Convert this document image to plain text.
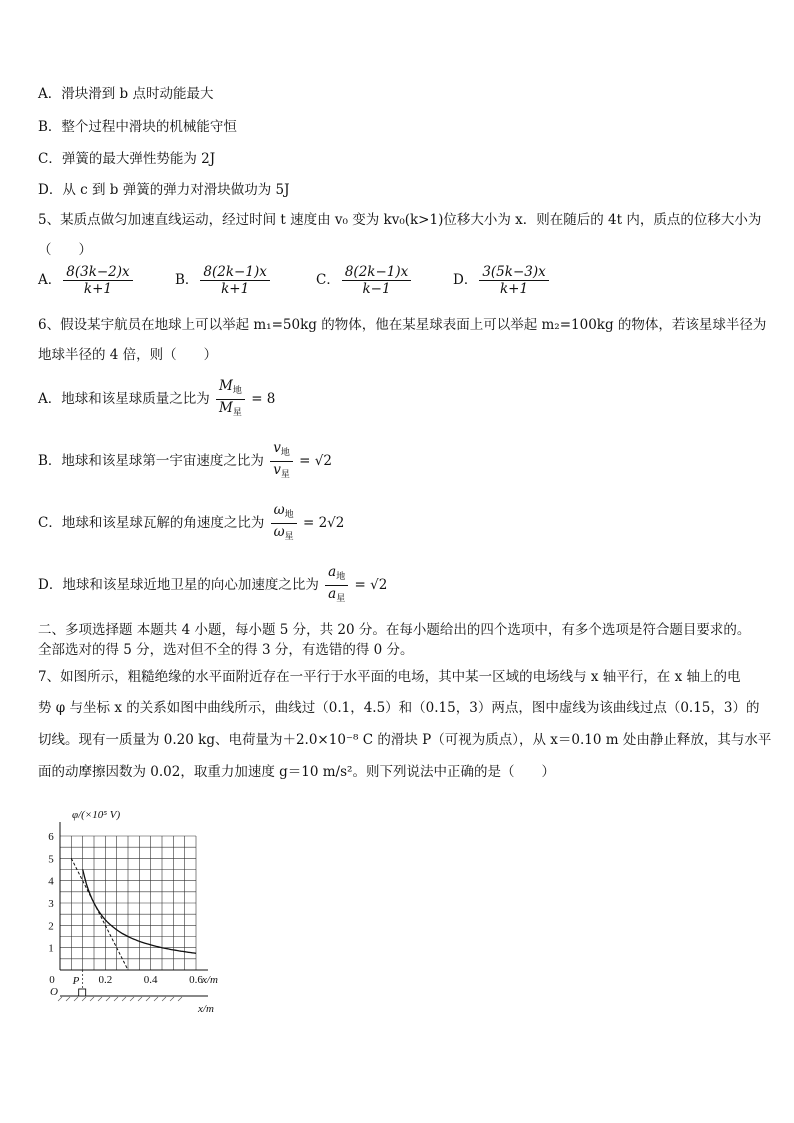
A．滑块滑到 b 点时动能最大
B．整个过程中滑块的机械能守恒
C．弹簧的最大弹性势能为 2J
D．从 c 到 b 弹簧的弹力对滑块做功为 5J
5、某质点做匀加速直线运动，经过时间 t 速度由 v₀ 变为 kv₀(k>1)位移大小为 x．则在随后的 4t 内，质点的位移大小为
（　　）
A． $\frac{8(3k-2)x}{k+1}$	B． $\frac{8(2k-1)x}{k+1}$	C． $\frac{8(2k-1)x}{k-1}$	D． $\frac{3(5k-3)x}{k+1}$
6、假设某宇航员在地球上可以举起 m₁=50kg 的物体，他在某星球表面上可以举起 m₂=100kg 的物体，若该星球半径为
地球半径的 4 倍，则（　　）
A．地球和该星球质量之比为 $\frac{M_地}{M_星} = 8$
B．地球和该星球第一宇宙速度之比为 $\frac{v_地}{v_星} = √2$
C．地球和该星球瓦解的角速度之比为 $\frac{\omega_地}{\omega_星} = 2√2$
D．地球和该星球近地卫星的向心加速度之比为 $\frac{a_地}{a_星} = √2$
二、多项选择题 本题共 4 小题，每小题 5 分，共 20 分。在每小题给出的四个选项中，有多个选项是符合题目要求的。
全部选对的得 5 分，选对但不全的得 3 分，有选错的得 0 分。
7、如图所示，粗糙绝缘的水平面附近存在一平行于水平面的电场，其中某一区域的电场线与 x 轴平行，在 x 轴上的电
势 φ 与坐标 x 的关系如图中曲线所示，曲线过（0.1，4.5）和（0.15，3）两点，图中虚线为该曲线过点（0.15，3）的
切线。现有一质量为 0.20 kg、电荷量为＋2.0×10⁻⁸ C 的滑块 P（可视为质点），从 x＝0.10 m 处由静止释放，其与水平
面的动摩擦因数为 0.02，取重力加速度 g＝10 m/s²。则下列说法中正确的是（　　）
1
2
3
4
5
6
0	0.2	0.4	0.6
φ/(×10⁵ V)
x/m
P
O
x/m
